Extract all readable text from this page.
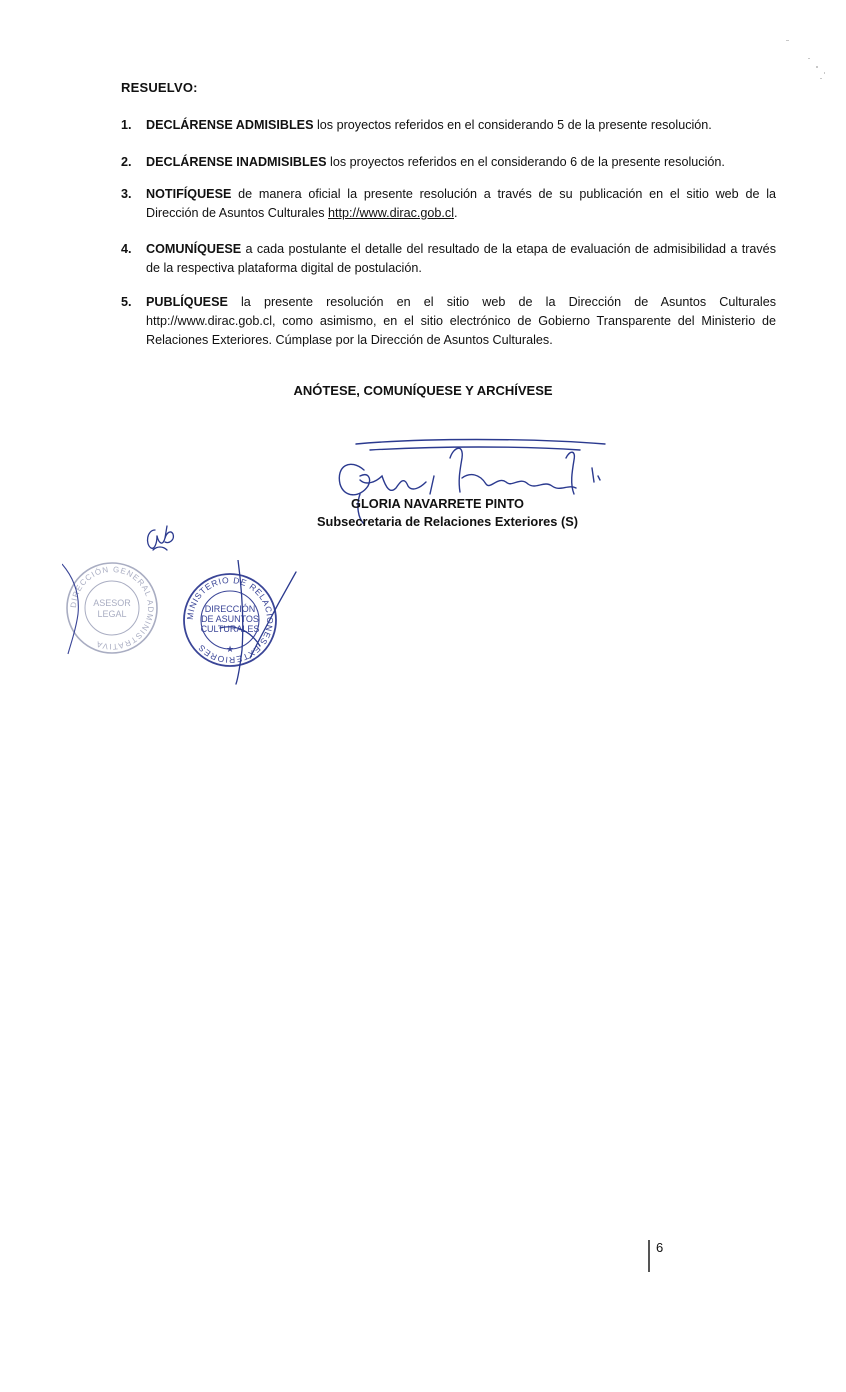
RESUELVO:
1. DECLÁRENSE ADMISIBLES los proyectos referidos en el considerando 5 de la presente resolución.
2. DECLÁRENSE INADMISIBLES los proyectos referidos en el considerando 6 de la presente resolución.
3. NOTIFÍQUESE de manera oficial la presente resolución a través de su publicación en el sitio web de la Dirección de Asuntos Culturales http://www.dirac.gob.cl.
4. COMUNÍQUESE a cada postulante el detalle del resultado de la etapa de evaluación de admisibilidad a través de la respectiva plataforma digital de postulación.
5. PUBLÍQUESE la presente resolución en el sitio web de la Dirección de Asuntos Culturales http://www.dirac.gob.cl, como asimismo, en el sitio electrónico de Gobierno Transparente del Ministerio de Relaciones Exteriores. Cúmplase por la Dirección de Asuntos Culturales.
ANÓTESE, COMUNÍQUESE Y ARCHÍVESE
GLORIA NAVARRETE PINTO
Subsecretaria de Relaciones Exteriores (S)
DIRECCIÓN GENERAL ADMINISTRATIVA
ASESOR
LEGAL	MINISTERIO DE RELACIONES EXTERIORES
DIRECCIÓN
DE ASUNTOS
CULTURALES
★
6
